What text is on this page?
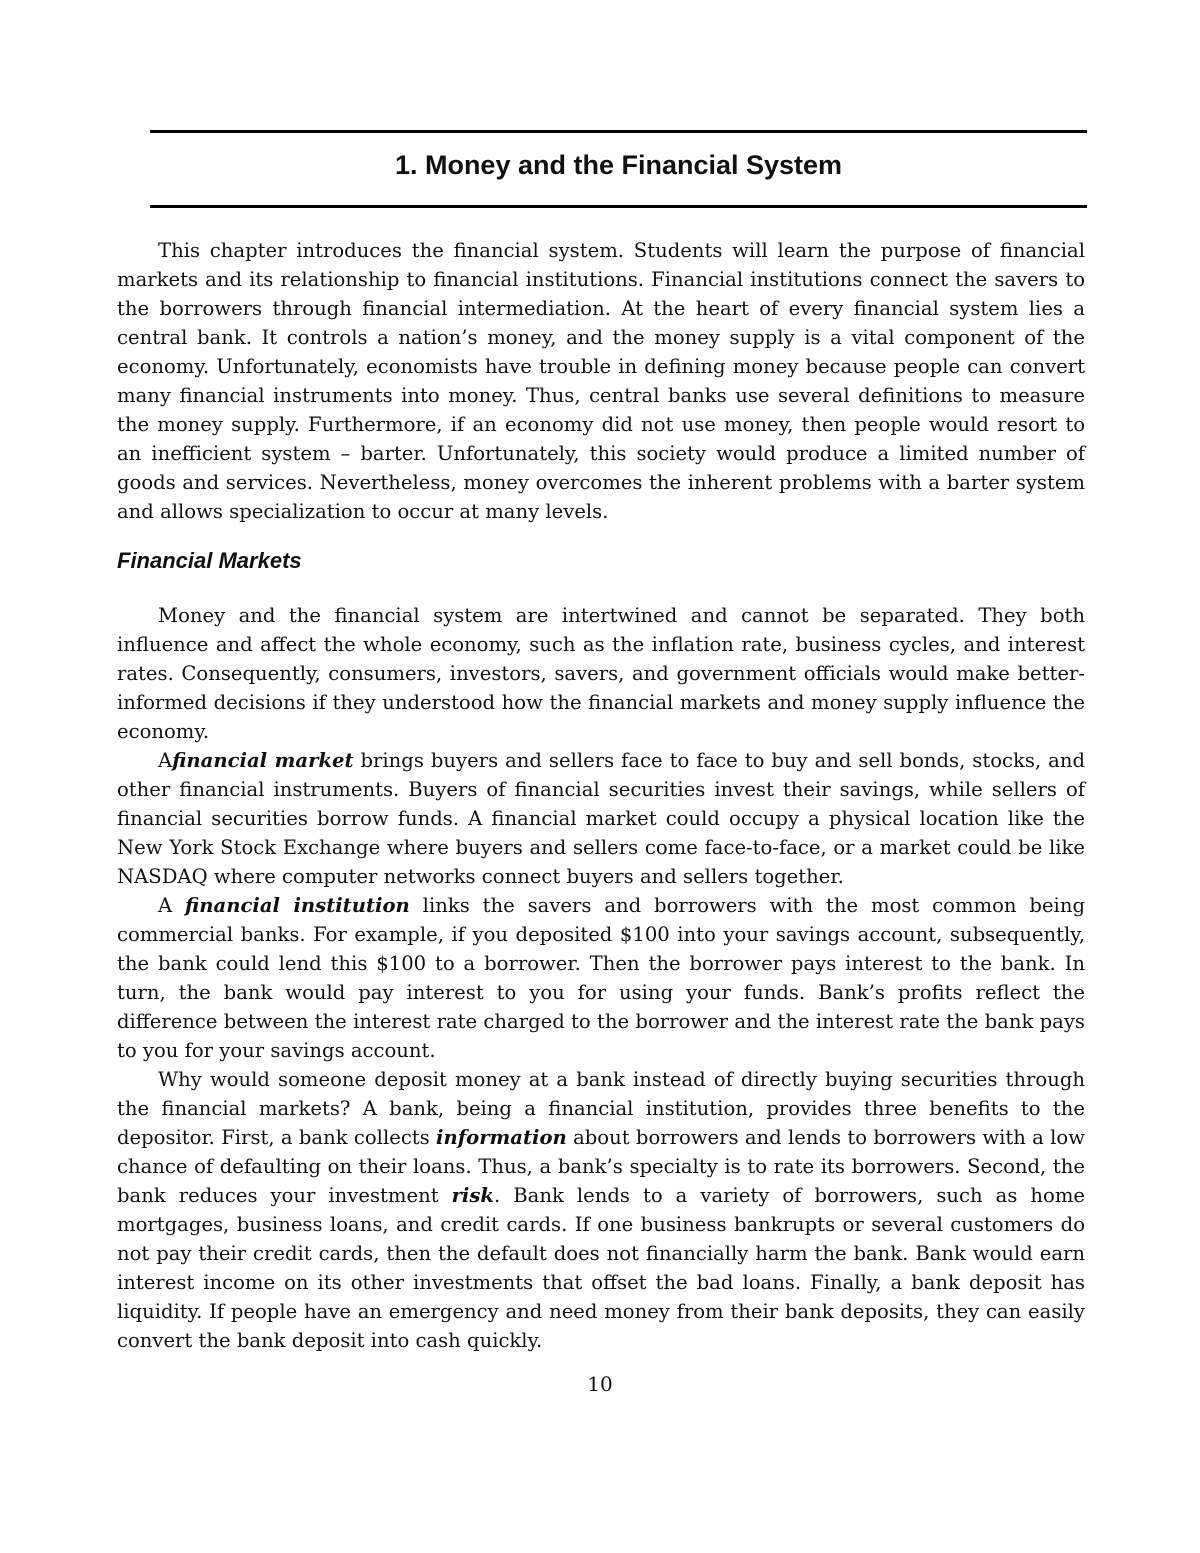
1. Money and the Financial System

This chapter introduces the financial system. Students will learn the purpose of financial markets and its relationship to financial institutions. Financial institutions connect the savers to the borrowers through financial intermediation. At the heart of every financial system lies a central bank. It controls a nation’s money, and the money supply is a vital component of the economy. Unfortunately, economists have trouble in defining money because people can convert many financial instruments into money. Thus, central banks use several definitions to measure the money supply. Furthermore, if an economy did not use money, then people would resort to an inefficient system – barter. Unfortunately, this society would produce a limited number of goods and services. Nevertheless, money overcomes the inherent problems with a barter system and allows specialization to occur at many levels.

Financial Markets

Money and the financial system are intertwined and cannot be separated. They both influence and affect the whole economy, such as the inflation rate, business cycles, and interest rates. Consequently, consumers, investors, savers, and government officials would make better-informed decisions if they understood how the financial markets and money supply influence the economy.

Afinancial market brings buyers and sellers face to face to buy and sell bonds, stocks, and other financial instruments. Buyers of financial securities invest their savings, while sellers of financial securities borrow funds. A financial market could occupy a physical location like the New York Stock Exchange where buyers and sellers come face-to-face, or a market could be like NASDAQ where computer networks connect buyers and sellers together.

A financial institution links the savers and borrowers with the most common being commercial banks. For example, if you deposited $100 into your savings account, subsequently, the bank could lend this $100 to a borrower. Then the borrower pays interest to the bank. In turn, the bank would pay interest to you for using your funds. Bank’s profits reflect the difference between the interest rate charged to the borrower and the interest rate the bank pays to you for your savings account.

Why would someone deposit money at a bank instead of directly buying securities through the financial markets? A bank, being a financial institution, provides three benefits to the depositor. First, a bank collects information about borrowers and lends to borrowers with a low chance of defaulting on their loans. Thus, a bank’s specialty is to rate its borrowers. Second, the bank reduces your investment risk. Bank lends to a variety of borrowers, such as home mortgages, business loans, and credit cards. If one business bankrupts or several customers do not pay their credit cards, then the default does not financially harm the bank. Bank would earn interest income on its other investments that offset the bad loans. Finally, a bank deposit has liquidity. If people have an emergency and need money from their bank deposits, they can easily convert the bank deposit into cash quickly.

10
